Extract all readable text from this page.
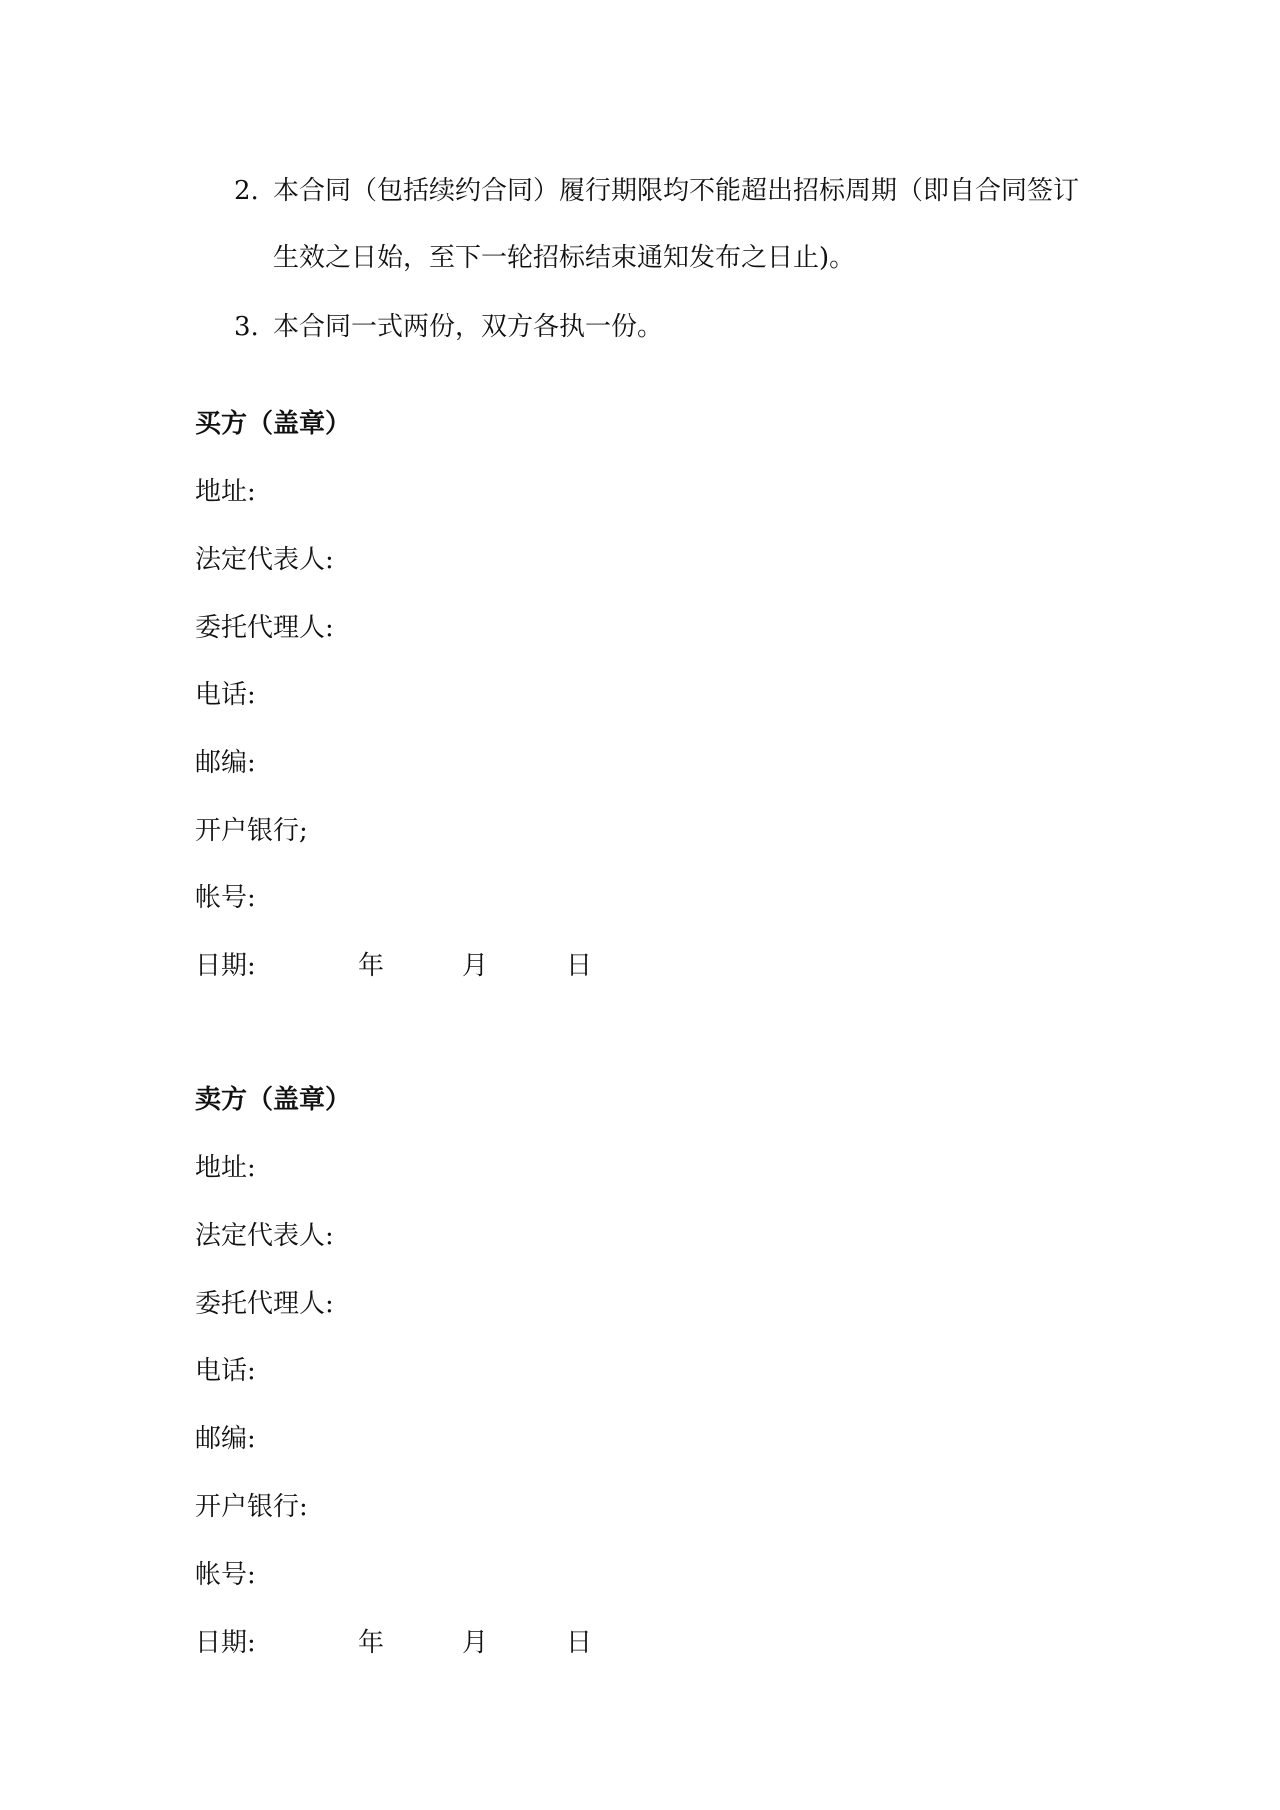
2. 本合同（包括续约合同）履行期限均不能超出招标周期（即自合同签订
生效之日始，至下一轮招标结束通知发布之日止)。
3. 本合同一式两份，双方各执一份。
买方（盖章）
地址:
法定代表人:
委托代理人:
电话:
邮编:
开户银行;
帐号:
日期:	年	月	日
卖方（盖章）
地址:
法定代表人:
委托代理人:
电话:
邮编:
开户银行:
帐号:
日期:	年	月	日
